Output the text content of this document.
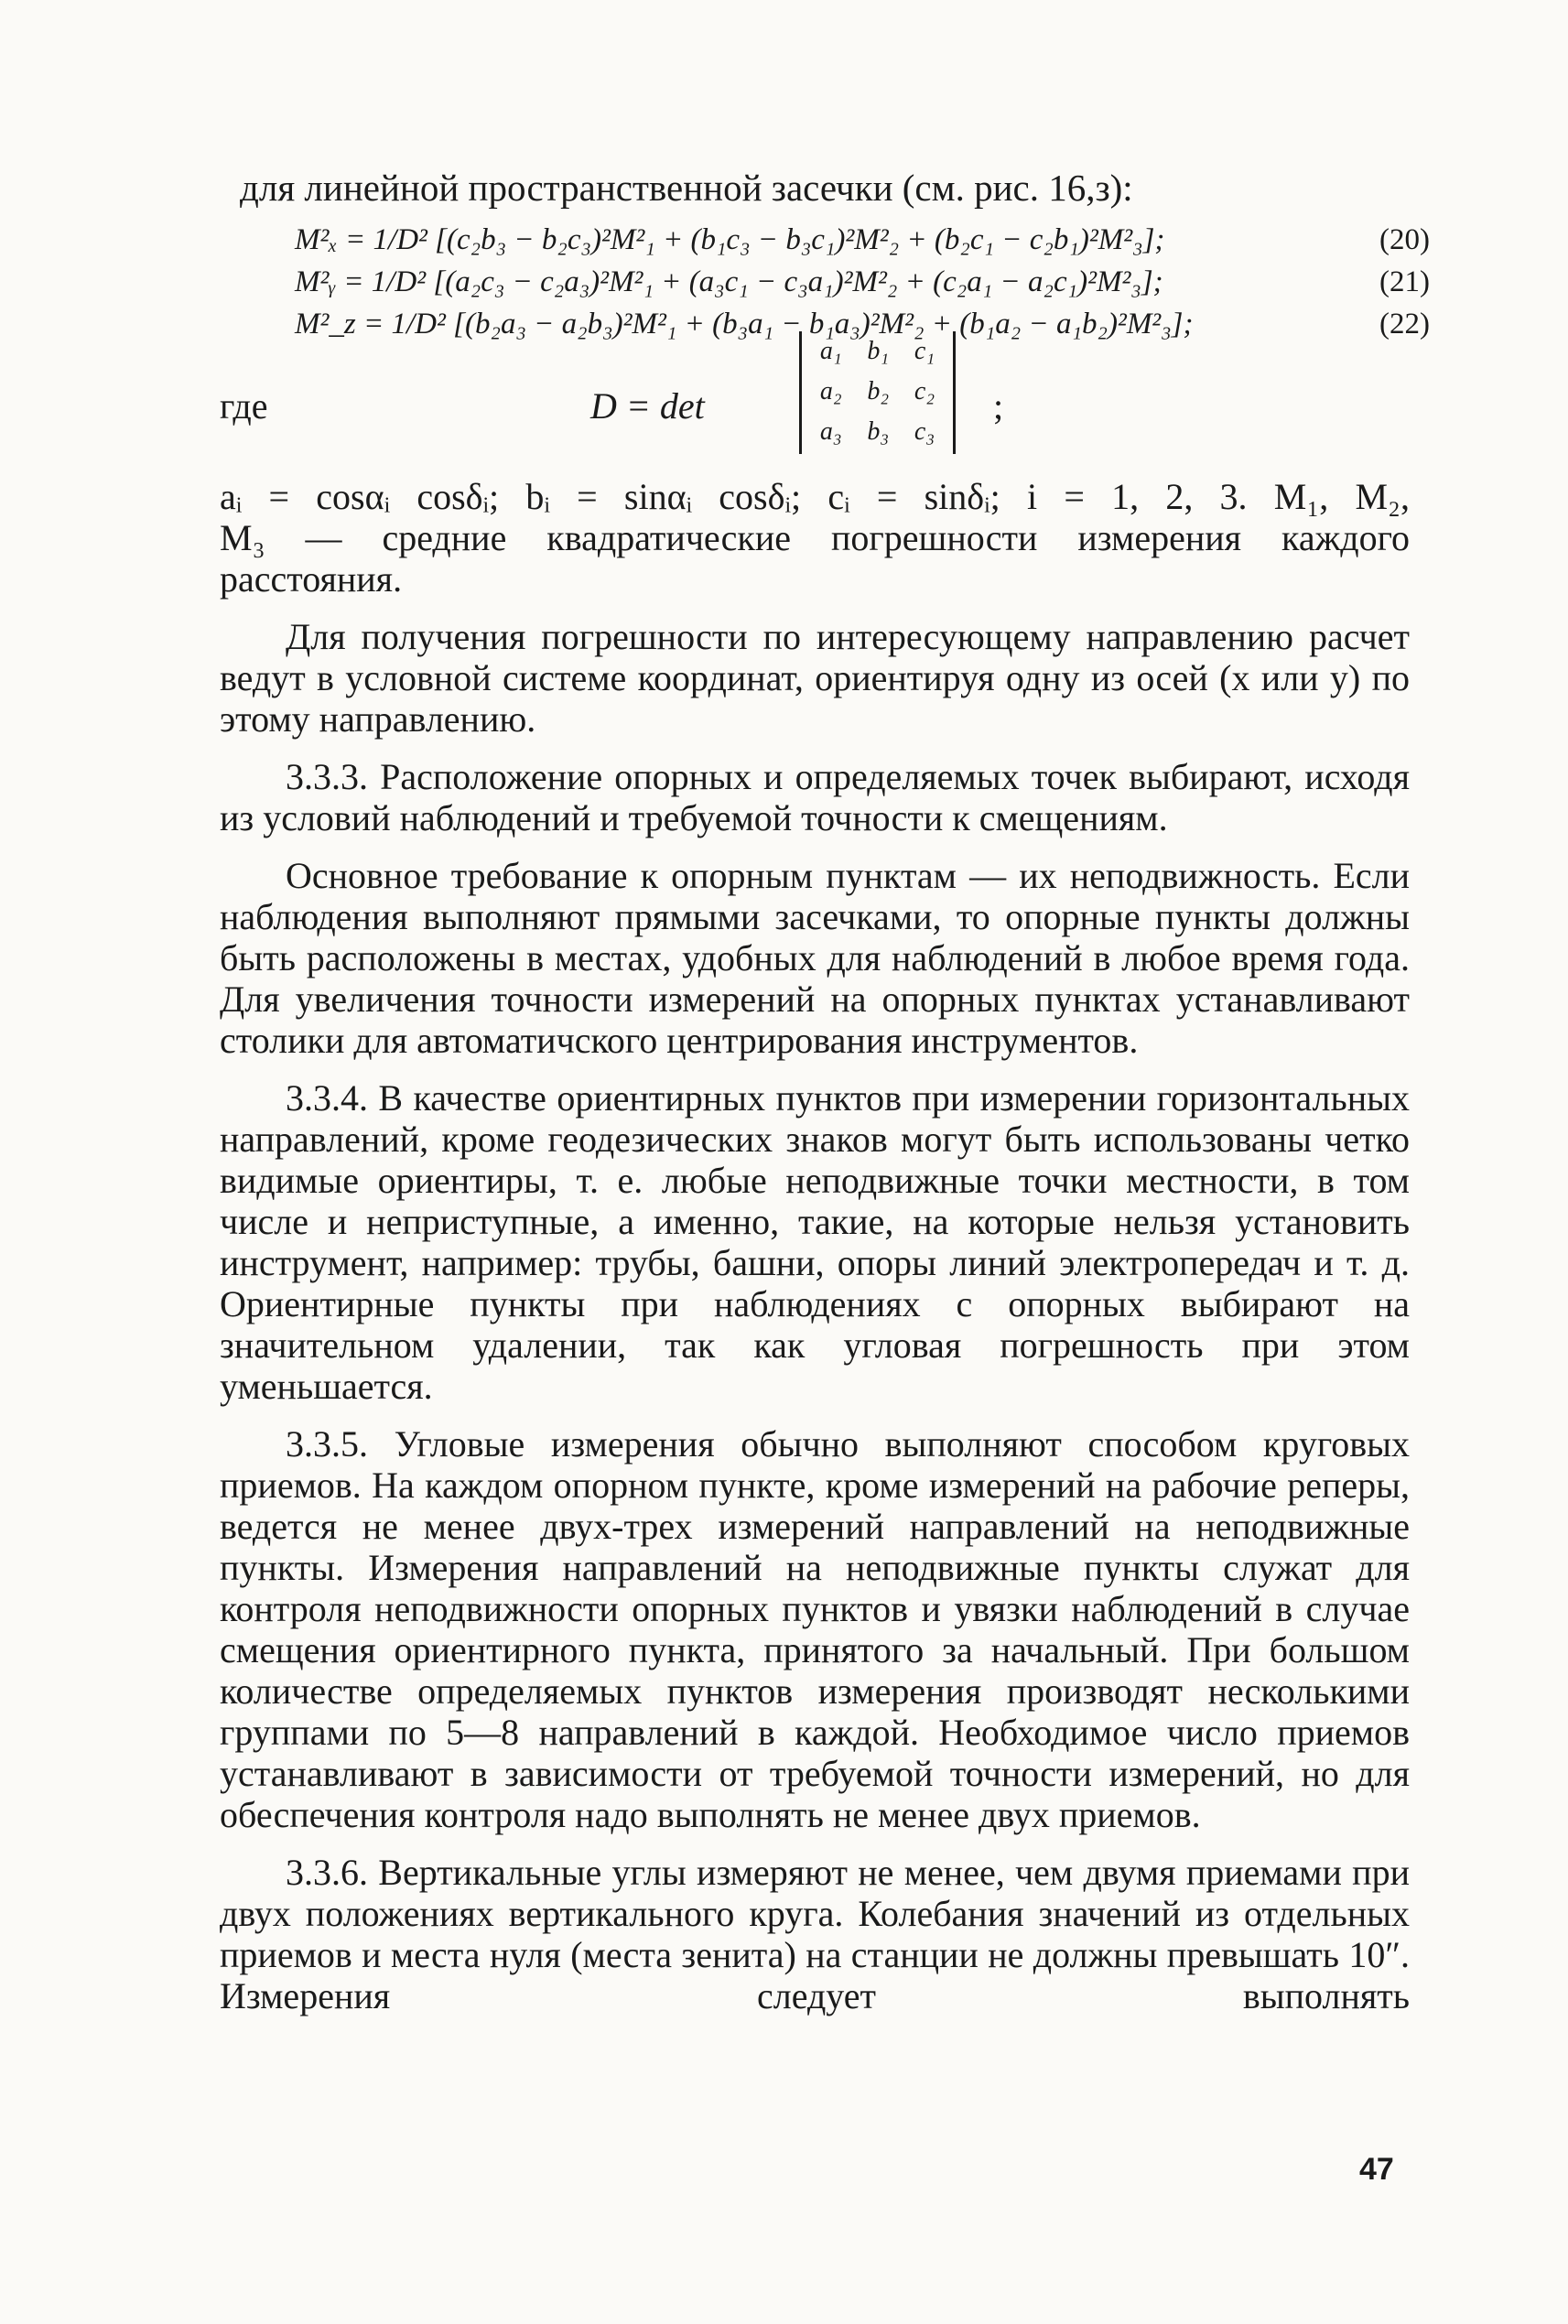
для линейной пространственной засечки (см. рис. 16,з):
M²ₓ = 1/D² [(c₂b₃ − b₂c₃)²M²₁ + (b₁c₃ − b₃c₁)²M²₂ + (b₂c₁ − c₂b₁)²M²₃];	(20)
M²ᵧ = 1/D² [(a₂c₃ − c₂a₃)²M²₁ + (a₃c₁ − c₃a₁)²M²₂ + (c₂a₁ − a₂c₁)²M²₃];	(21)
M²_z = 1/D² [(b₂a₃ − a₂b₃)²M²₁ + (b₃a₁ − b₁a₃)²M²₂ + (b₁a₂ − a₁b₂)²M²₃];	(22)
где	D = det
a₁ b₁ c₁
a₂ b₂ c₂
a₃ b₃ c₃
;

aᵢ = cosαᵢ cosδᵢ; bᵢ = sinαᵢ cosδᵢ; cᵢ = sinδᵢ; i = 1, 2, 3. M₁, M₂,

M₃ — средние квадратические погрешности измерения каждого

расстояния.

Для получения погрешности по интересующему направлению расчет ведут в условной системе координат, ориентируя одну из осей (x или y) по этому направлению.

3.3.3. Расположение опорных и определяемых точек выбирают, исходя из условий наблюдений и требуемой точности к смещениям.

Основное требование к опорным пунктам — их неподвижность. Если наблюдения выполняют прямыми засечками, то опорные пункты должны быть расположены в местах, удобных для наблюдений в любое время года. Для увеличения точности измерений на опорных пунктах устанавливают столики для автоматичского центрирования инструментов.

3.3.4. В качестве ориентирных пунктов при измерении горизонтальных направлений, кроме геодезических знаков могут быть использованы четко видимые ориентиры, т. е. любые неподвижные точки местности, в том числе и неприступные, а именно, такие, на которые нельзя установить инструмент, например: трубы, башни, опоры линий электропередач и т. д. Ориентирные пункты при наблюдениях с опорных выбирают на значительном удалении, так как угловая погрешность при этом уменьшается.

3.3.5. Угловые измерения обычно выполняют способом круговых приемов. На каждом опорном пункте, кроме измерений на рабочие реперы, ведется не менее двух-трех измерений направлений на неподвижные пункты. Измерения направлений на неподвижные пункты служат для контроля неподвижности опорных пунктов и увязки наблюдений в случае смещения ориентирного пункта, принятого за начальный. При большом количестве определяемых пунктов измерения производят несколькими группами по 5—8 направлений в каждой. Необходимое число приемов устанавливают в зависимости от требуемой точности измерений, но для обеспечения контроля надо выполнять не менее двух приемов.

3.3.6. Вертикальные углы измеряют не менее, чем двумя приемами при двух положениях вертикального круга. Колебания значений из отдельных приемов и места нуля (места зенита) на станции не должны превышать 10″. Измерения следует выполнять

47
